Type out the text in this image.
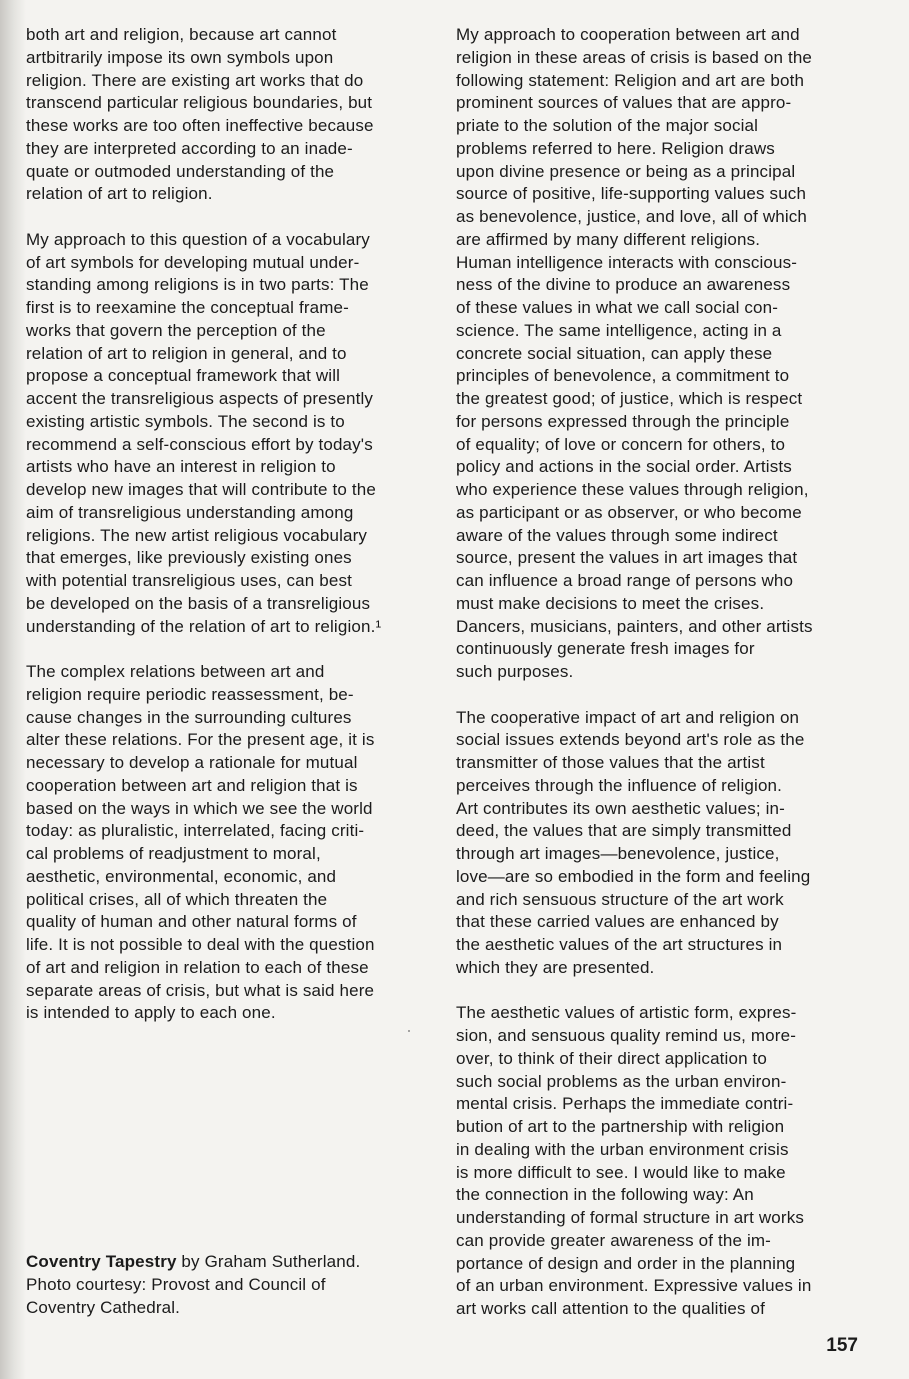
both art and religion, because art cannot
artbitrarily impose its own symbols upon
religion. There are existing art works that do
transcend particular religious boundaries, but
these works are too often ineffective because
they are interpreted according to an inade-
quate or outmoded understanding of the
relation of art to religion.

My approach to this question of a vocabulary
of art symbols for developing mutual under-
standing among religions is in two parts: The
first is to reexamine the conceptual frame-
works that govern the perception of the
relation of art to religion in general, and to
propose a conceptual framework that will
accent the transreligious aspects of presently
existing artistic symbols. The second is to
recommend a self-conscious effort by today's
artists who have an interest in religion to
develop new images that will contribute to the
aim of transreligious understanding among
religions. The new artist religious vocabulary
that emerges, like previously existing ones
with potential transreligious uses, can best
be developed on the basis of a transreligious
understanding of the relation of art to religion.¹

The complex relations between art and
religion require periodic reassessment, be-
cause changes in the surrounding cultures
alter these relations. For the present age, it is
necessary to develop a rationale for mutual
cooperation between art and religion that is
based on the ways in which we see the world
today: as pluralistic, interrelated, facing criti-
cal problems of readjustment to moral,
aesthetic, environmental, economic, and
political crises, all of which threaten the
quality of human and other natural forms of
life. It is not possible to deal with the question
of art and religion in relation to each of these
separate areas of crisis, but what is said here
is intended to apply to each one.

Coventry Tapestry by Graham Sutherland.
Photo courtesy: Provost and Council of
Coventry Cathedral.

My approach to cooperation between art and
religion in these areas of crisis is based on the
following statement: Religion and art are both
prominent sources of values that are appro-
priate to the solution of the major social
problems referred to here. Religion draws
upon divine presence or being as a principal
source of positive, life-supporting values such
as benevolence, justice, and love, all of which
are affirmed by many different religions.
Human intelligence interacts with conscious-
ness of the divine to produce an awareness
of these values in what we call social con-
science. The same intelligence, acting in a
concrete social situation, can apply these
principles of benevolence, a commitment to
the greatest good; of justice, which is respect
for persons expressed through the principle
of equality; of love or concern for others, to
policy and actions in the social order. Artists
who experience these values through religion,
as participant or as observer, or who become
aware of the values through some indirect
source, present the values in art images that
can influence a broad range of persons who
must make decisions to meet the crises.
Dancers, musicians, painters, and other artists
continuously generate fresh images for
such purposes.

The cooperative impact of art and religion on
social issues extends beyond art's role as the
transmitter of those values that the artist
perceives through the influence of religion.
Art contributes its own aesthetic values; in-
deed, the values that are simply transmitted
through art images—benevolence, justice,
love—are so embodied in the form and feeling
and rich sensuous structure of the art work
that these carried values are enhanced by
the aesthetic values of the art structures in
which they are presented.

The aesthetic values of artistic form, expres-
sion, and sensuous quality remind us, more-
over, to think of their direct application to
such social problems as the urban environ-
mental crisis. Perhaps the immediate contri-
bution of art to the partnership with religion
in dealing with the urban environment crisis
is more difficult to see. I would like to make
the connection in the following way: An
understanding of formal structure in art works
can provide greater awareness of the im-
portance of design and order in the planning
of an urban environment. Expressive values in
art works call attention to the qualities of

157
